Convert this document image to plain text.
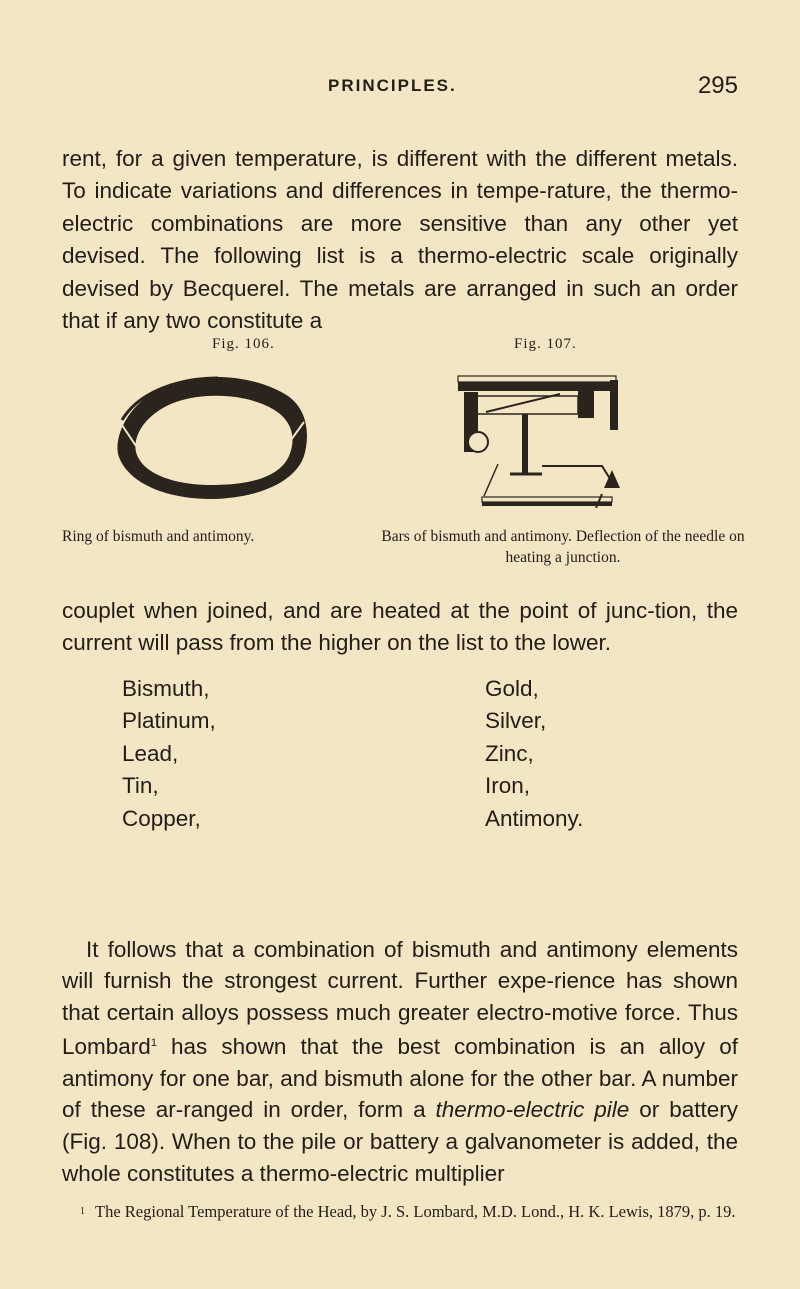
PRINCIPLES.	295

rent, for a given temperature, is different with the different metals. To indicate variations and differences in tempe-rature, the thermo-electric combinations are more sensitive than any other yet devised. The following list is a thermo-electric scale originally devised by Becquerel. The metals are arranged in such an order that if any two constitute a

Fig. 106.	Fig. 107.
Ring of bismuth and antimony.	Bars of bismuth and antimony. Deflection of the needle on heating a junction.

couplet when joined, and are heated at the point of junc-tion, the current will pass from the higher on the list to the lower.

Bismuth,
Platinum,
Lead,
Tin,
Copper,
Gold,
Silver,
Zinc,
Iron,
Antimony.

It follows that a combination of bismuth and antimony elements will furnish the strongest current. Further expe-rience has shown that certain alloys possess much greater electro-motive force. Thus Lombard$^1$ has shown that the best combination is an alloy of antimony for one bar, and bismuth alone for the other bar. A number of these ar-ranged in order, form a thermo-electric pile or battery (Fig. 108). When to the pile or battery a galvanometer is added, the whole constitutes a thermo-electric multiplier

1 The Regional Temperature of the Head, by J. S. Lombard, M.D. Lond., H. K. Lewis, 1879, p. 19.
